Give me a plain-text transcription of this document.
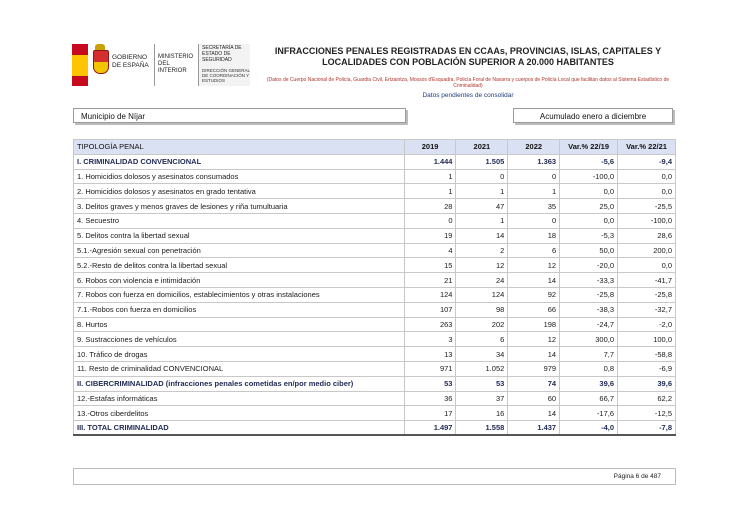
GOBIERNO DE ESPAÑA
MINISTERIO DEL INTERIOR
SECRETARÍA DE ESTADO DE SEGURIDAD
DIRECCIÓN GENERAL DE COORDINACIÓN Y ESTUDIOS
INFRACCIONES PENALES REGISTRADAS EN CCAAs, PROVINCIAS, ISLAS, CAPITALES Y LOCALIDADES CON POBLACIÓN SUPERIOR A 20.000 HABITANTES
(Datos de Cuerpo Nacional de Policía, Guardia Civil, Ertzaintza, Mossos d'Esquadra, Policía Foral de Navarra y cuerpos de Policía Local que facilitan datos al Sistema Estadístico de Criminalidad)
Datos pendientes de consolidar
Municipio de Níjar	Acumulado enero a diciembre
TIPOLOGÍA PENAL	2019	2021	2022	Var.% 22/19	Var.% 22/21
I. CRIMINALIDAD CONVENCIONAL	1.444	1.505	1.363	-5,6	-9,4
1. Homicidios dolosos y asesinatos consumados	1	0	0	-100,0	0,0
2. Homicidios dolosos y asesinatos en grado tentativa	1	1	1	0,0	0,0
3. Delitos graves y menos graves de lesiones y riña tumultuaria	28	47	35	25,0	-25,5
4. Secuestro	0	1	0	0,0	-100,0
5. Delitos contra la libertad sexual	19	14	18	-5,3	28,6
5.1.-Agresión sexual con penetración	4	2	6	50,0	200,0
5.2.-Resto de delitos contra la libertad sexual	15	12	12	-20,0	0,0
6. Robos con violencia e intimidación	21	24	14	-33,3	-41,7
7. Robos con fuerza en domicilios, establecimientos y otras instalaciones	124	124	92	-25,8	-25,8
7.1.-Robos con fuerza en domicilios	107	98	66	-38,3	-32,7
8. Hurtos	263	202	198	-24,7	-2,0
9. Sustracciones de vehículos	3	6	12	300,0	100,0
10. Tráfico de drogas	13	34	14	7,7	-58,8
11. Resto de criminalidad CONVENCIONAL	971	1.052	979	0,8	-6,9
II. CIBERCRIMINALIDAD (infracciones penales cometidas en/por medio ciber)	53	53	74	39,6	39,6
12.-Estafas informáticas	36	37	60	66,7	62,2
13.-Otros ciberdelitos	17	16	14	-17,6	-12,5
III. TOTAL CRIMINALIDAD	1.497	1.558	1.437	-4,0	-7,8
Página 6 de 487
